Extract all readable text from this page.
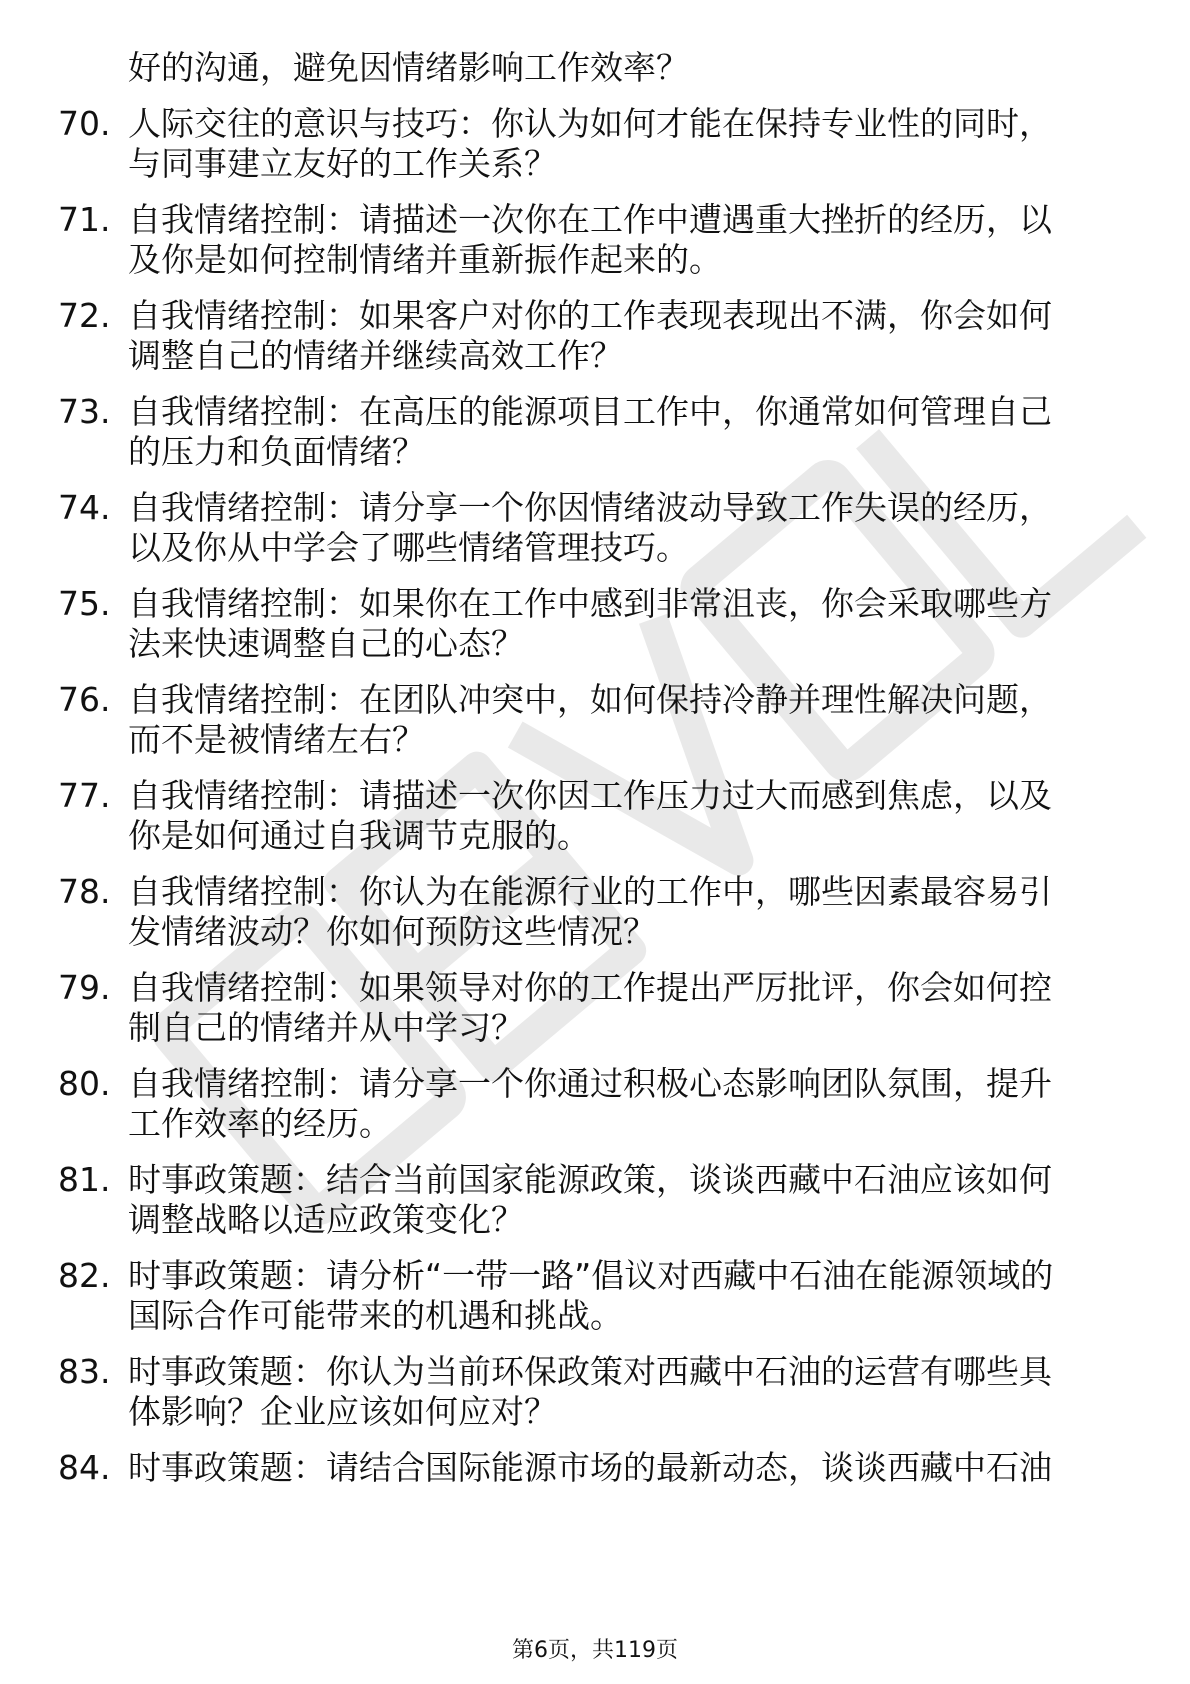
好的沟通，避免因情绪影响工作效率？
70. 人际交往的意识与技巧：你认为如何才能在保持专业性的同时，
与同事建立友好的工作关系？
71. 自我情绪控制：请描述一次你在工作中遭遇重大挫折的经历，以
及你是如何控制情绪并重新振作起来的。
72. 自我情绪控制：如果客户对你的工作表现表现出不满，你会如何
调整自己的情绪并继续高效工作？
73. 自我情绪控制：在高压的能源项目工作中，你通常如何管理自己
的压力和负面情绪？
74. 自我情绪控制：请分享一个你因情绪波动导致工作失误的经历，
以及你从中学会了哪些情绪管理技巧。
75. 自我情绪控制：如果你在工作中感到非常沮丧，你会采取哪些方
法来快速调整自己的心态？
76. 自我情绪控制：在团队冲突中，如何保持冷静并理性解决问题，
而不是被情绪左右？
77. 自我情绪控制：请描述一次你因工作压力过大而感到焦虑，以及
你是如何通过自我调节克服的。
78. 自我情绪控制：你认为在能源行业的工作中，哪些因素最容易引
发情绪波动？你如何预防这些情况？
79. 自我情绪控制：如果领导对你的工作提出严厉批评，你会如何控
制自己的情绪并从中学习？
80. 自我情绪控制：请分享一个你通过积极心态影响团队氛围，提升
工作效率的经历。
81. 时事政策题：结合当前国家能源政策，谈谈西藏中石油应该如何
调整战略以适应政策变化？
82. 时事政策题：请分析“一带一路”倡议对西藏中石油在能源领域的
国际合作可能带来的机遇和挑战。
83. 时事政策题：你认为当前环保政策对西藏中石油的运营有哪些具
体影响？企业应该如何应对？
84. 时事政策题：请结合国际能源市场的最新动态，谈谈西藏中石油
第6页，共119页
